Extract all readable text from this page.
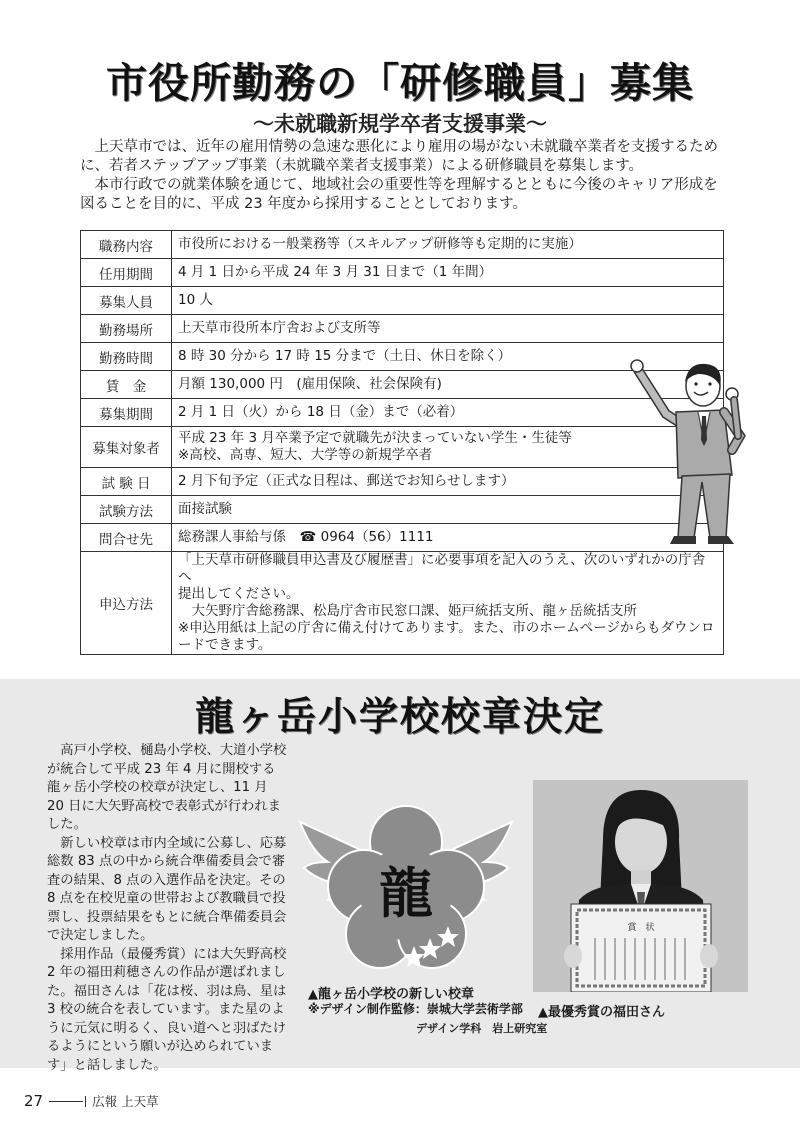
市役所勤務の「研修職員」募集
～未就職新規学卒者支援事業～

上天草市では、近年の雇用情勢の急速な悪化により雇用の場がない未就職卒業者を支援するために、若者ステップアップ事業（未就職卒業者支援事業）による研修職員を募集します。

本市行政での就業体験を通じて、地域社会の重要性等を理解するとともに今後のキャリア形成を図ることを目的に、平成 23 年度から採用することとしております。

職務内容	市役所における一般業務等（スキルアップ研修等も定期的に実施）

任用期間	4 月 1 日から平成 24 年 3 月 31 日まで（1 年間）

募集人員	10 人

勤務場所	上天草市役所本庁舎および支所等

勤務時間	8 時 30 分から 17 時 15 分まで（土日、休日を除く）

賃　金	月額 130,000 円　(雇用保険、社会保険有)

募集期間	2 月 1 日（火）から 18 日（金）まで（必着）

募集対象者	平成 23 年 3 月卒業予定で就職先が決まっていない学生・生徒等
※高校、高専、短大、大学等の新規学卒者

試 験 日	2 月下旬予定（正式な日程は、郵送でお知らせします）

試験方法	面接試験

問合せ先	総務課人事給与係　☎ 0964（56）1111

申込方法	「上天草市研修職員申込書及び履歴書」に必要事項を記入のうえ、次のいずれかの庁舎へ
提出してください。
　大矢野庁舎総務課、松島庁舎市民窓口課、姫戸統括支所、龍ヶ岳統括支所
※申込用紙は上記の庁舎に備え付けてあります。また、市のホームページからもダウンロ
ードできます。
龍ヶ岳小学校校章決定

高戸小学校、樋島小学校、大道小学校が統合して平成 23 年 4 月に開校する龍ヶ岳小学校の校章が決定し、11 月 20 日に大矢野高校で表彰式が行われました。

新しい校章は市内全域に公募し、応募総数 83 点の中から統合準備委員会で審査の結果、8 点の入選作品を決定。その 8 点を在校児童の世帯および教職員で投票し、投票結果をもとに統合準備委員会で決定しました。

採用作品（最優秀賞）には大矢野高校 2 年の福田莉穂さんの作品が選ばれました。福田さんは「花は桜、羽は鳥、星は 3 校の統合を表しています。また星のように元気に明るく、良い道へと羽ばたけるようにという願いが込められています」と話しました。

龍
▲龍ヶ岳小学校の新しい校章
※デザイン制作監修：崇城大学芸術学部
デザイン学科　岩上研究室
賞　状
▲最優秀賞の福田さん
27	広報 上天草
